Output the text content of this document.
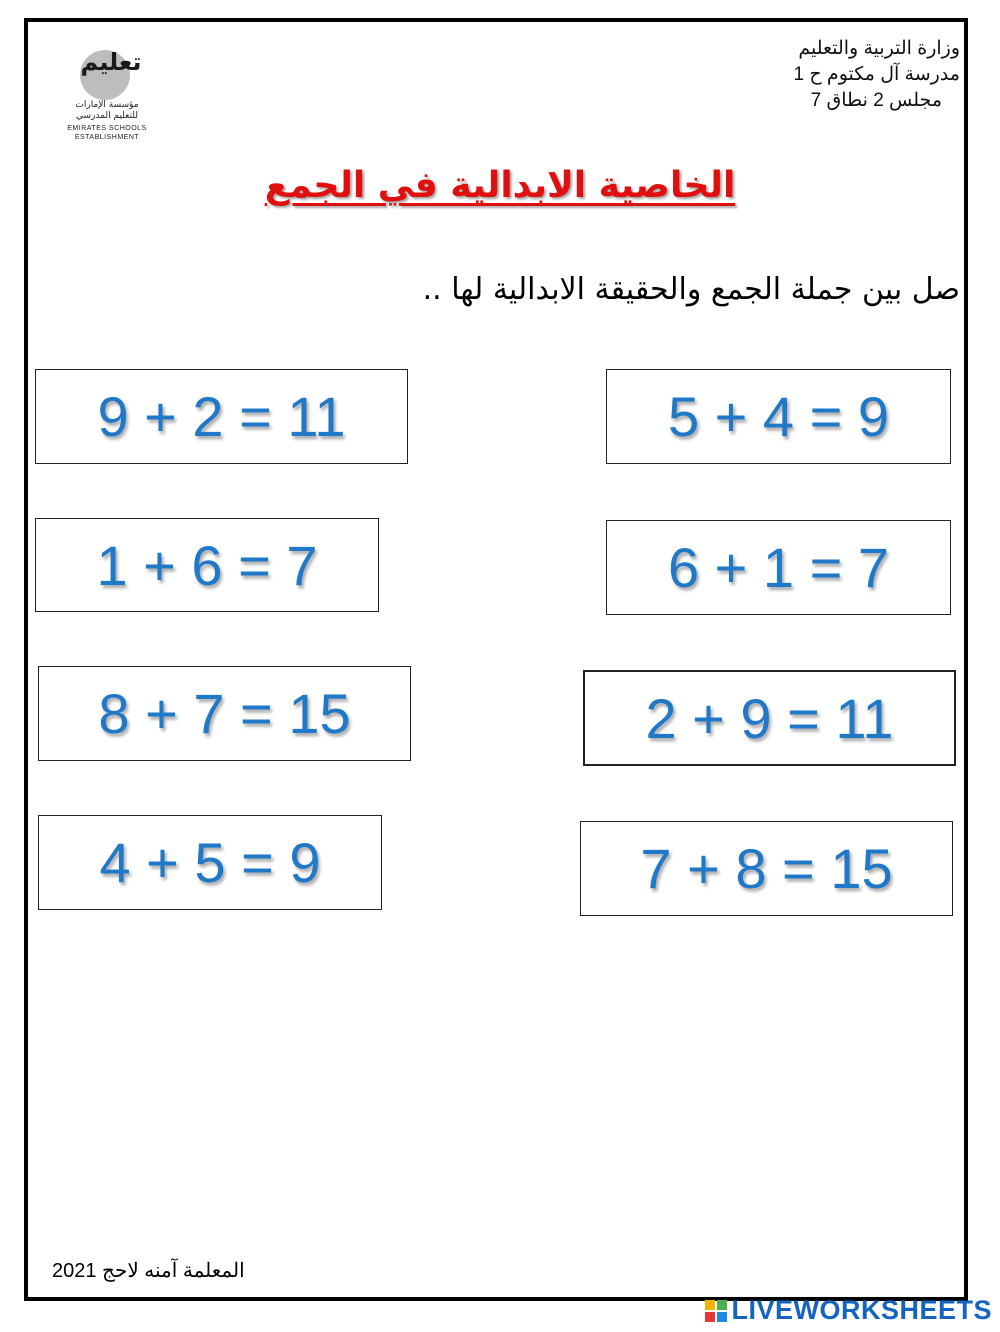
تعليم
مؤسسة الإمارات للتعليم المدرسي
EMIRATES SCHOOLS
ESTABLISHMENT
وزارة التربية والتعليم
مدرسة آل مكتوم ح 1
مجلس 2 نطاق 7
الخاصية الابدالية في الجمع
صل بين جملة الجمع والحقيقة الابدالية لها ..
9 + 2 = 11
1 + 6 = 7
8 + 7 = 15
4 + 5 = 9
5 + 4 = 9
6 + 1 = 7
2 + 9 = 11
7 + 8 = 15
المعلمة آمنه لاحج 2021
LIVEWORKSHEETS
